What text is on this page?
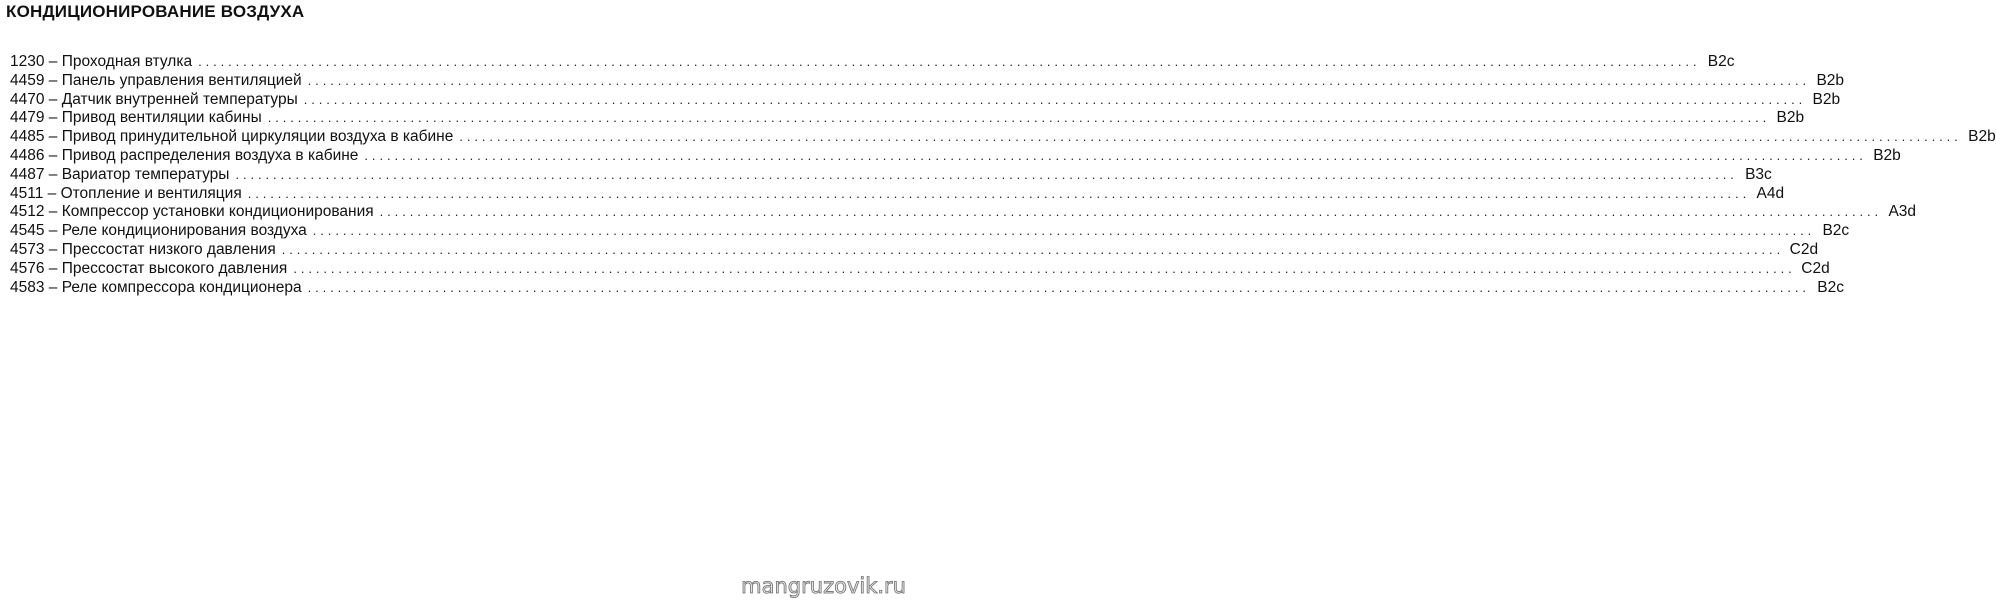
КОНДИЦИОНИРОВАНИЕ ВОЗДУХА
1230 – Проходная втулка ........................................................................................................................................................................................................ B2c
4459 – Панель управления вентиляцией ........................................................................................................................................................................................................ B2b
4470 – Датчик внутренней температуры ........................................................................................................................................................................................................ B2b
4479 – Привод вентиляции кабины ........................................................................................................................................................................................................ B2b
4485 – Привод принудительной циркуляции воздуха в кабине ........................................................................................................................................................................................................ B2b
4486 – Привод распределения воздуха в кабине ........................................................................................................................................................................................................ B2b
4487 – Вариатор температуры ........................................................................................................................................................................................................ B3c
4511 – Отопление и вентиляция ........................................................................................................................................................................................................ A4d
4512 – Компрессор установки кондиционирования ........................................................................................................................................................................................................ A3d
4545 – Реле кондиционирования воздуха ........................................................................................................................................................................................................ B2c
4573 – Прессостат низкого давления ........................................................................................................................................................................................................ C2d
4576 – Прессостат высокого давления ........................................................................................................................................................................................................ C2d
4583 – Реле компрессора кондиционера ........................................................................................................................................................................................................ B2c
mangruzovik.ru
